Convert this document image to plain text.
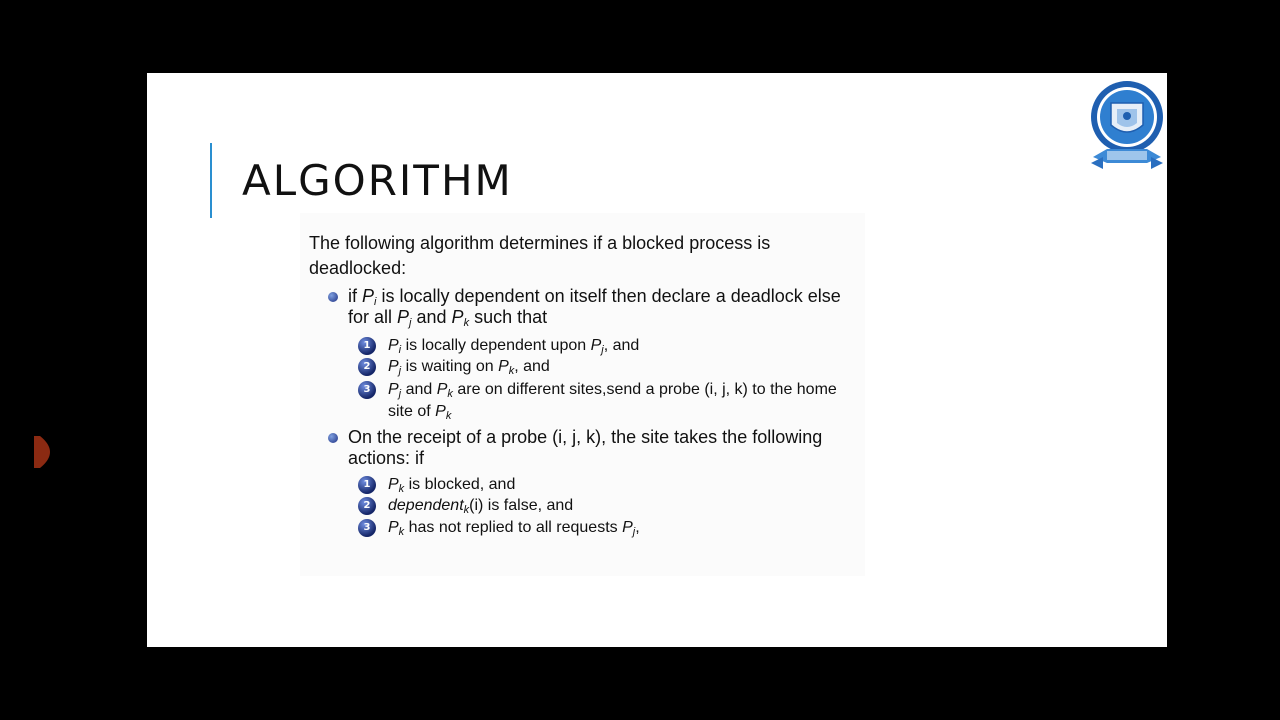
ALGORITHM
The following algorithm determines if a blocked process is deadlocked:
if $P_i$ is locally dependent on itself then declare a deadlock else for all $P_j$ and $P_k$ such that
1	$P_i$ is locally dependent upon $P_j$, and
2	$P_j$ is waiting on $P_k$, and
3	$P_j$ and $P_k$ are on different sites,send a probe (i, j, k) to the home site of $P_k$
On the receipt of a probe (i, j, k), the site takes the following actions: if
1	$P_k$ is blocked, and
2	dependent$_k$(i) is false, and
3	$P_k$ has not replied to all requests $P_j$,
